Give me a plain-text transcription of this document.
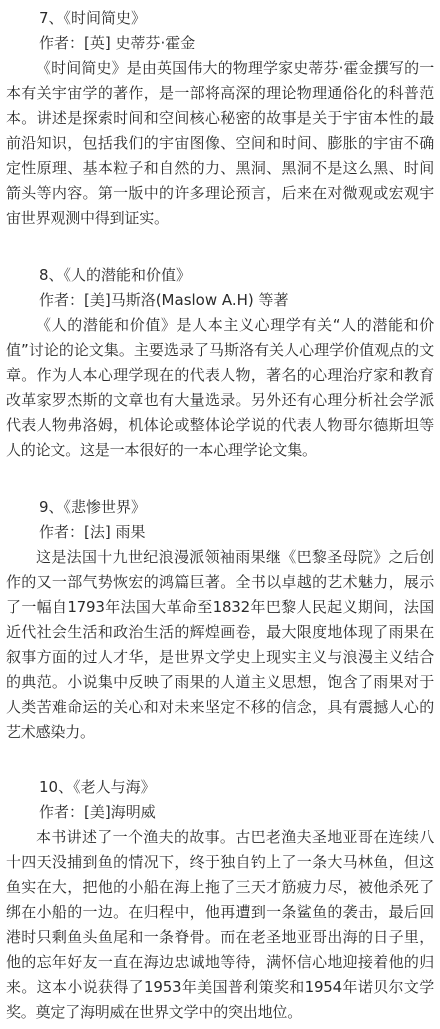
7、《时间简史》

作者：[英] 史蒂芬·霍金

《时间简史》是由英国伟大的物理学家史蒂芬·霍金撰写的一本有关宇宙学的著作，是一部将高深的理论物理通俗化的科普范本。讲述是探索时间和空间核心秘密的故事是关于宇宙本性的最前沿知识，包括我们的宇宙图像、空间和时间、膨胀的宇宙不确定性原理、基本粒子和自然的力、黑洞、黑洞不是这么黑、时间箭头等内容。第一版中的许多理论预言，后来在对微观或宏观宇宙世界观测中得到证实。

8、《人的潜能和价值》

作者：[美]马斯洛(Maslow A.H) 等著

《人的潜能和价值》是人本主义心理学有关“人的潜能和价值”讨论的论文集。主要选录了马斯洛有关人心理学价值观点的文章。作为人本心理学现在的代表人物，著名的心理治疗家和教育改革家罗杰斯的文章也有大量选录。另外还有心理分析社会学派代表人物弗洛姆，机体论或整体论学说的代表人物哥尔德斯坦等人的论文。这是一本很好的一本心理学论文集。

9、《悲惨世界》

作者：[法] 雨果

这是法国十九世纪浪漫派领袖雨果继《巴黎圣母院》之后创作的又一部气势恢宏的鸿篇巨著。全书以卓越的艺术魅力，展示了一幅自1793年法国大革命至1832年巴黎人民起义期间，法国近代社会生活和政治生活的辉煌画卷，最大限度地体现了雨果在叙事方面的过人才华，是世界文学史上现实主义与浪漫主义结合的典范。小说集中反映了雨果的人道主义思想，饱含了雨果对于人类苦难命运的关心和对未来坚定不移的信念，具有震撼人心的艺术感染力。

10、《老人与海》

作者：[美]海明威

本书讲述了一个渔夫的故事。古巴老渔夫圣地亚哥在连续八十四天没捕到鱼的情况下，终于独自钓上了一条大马林鱼，但这鱼实在大，把他的小船在海上拖了三天才筋疲力尽，被他杀死了绑在小船的一边。在归程中，他再遭到一条鲨鱼的袭击，最后回港时只剩鱼头鱼尾和一条脊骨。而在老圣地亚哥出海的日子里，他的忘年好友一直在海边忠诚地等待，满怀信心地迎接着他的归来。这本小说获得了1953年美国普利策奖和1954年诺贝尔文学奖。奠定了海明威在世界文学中的突出地位。
